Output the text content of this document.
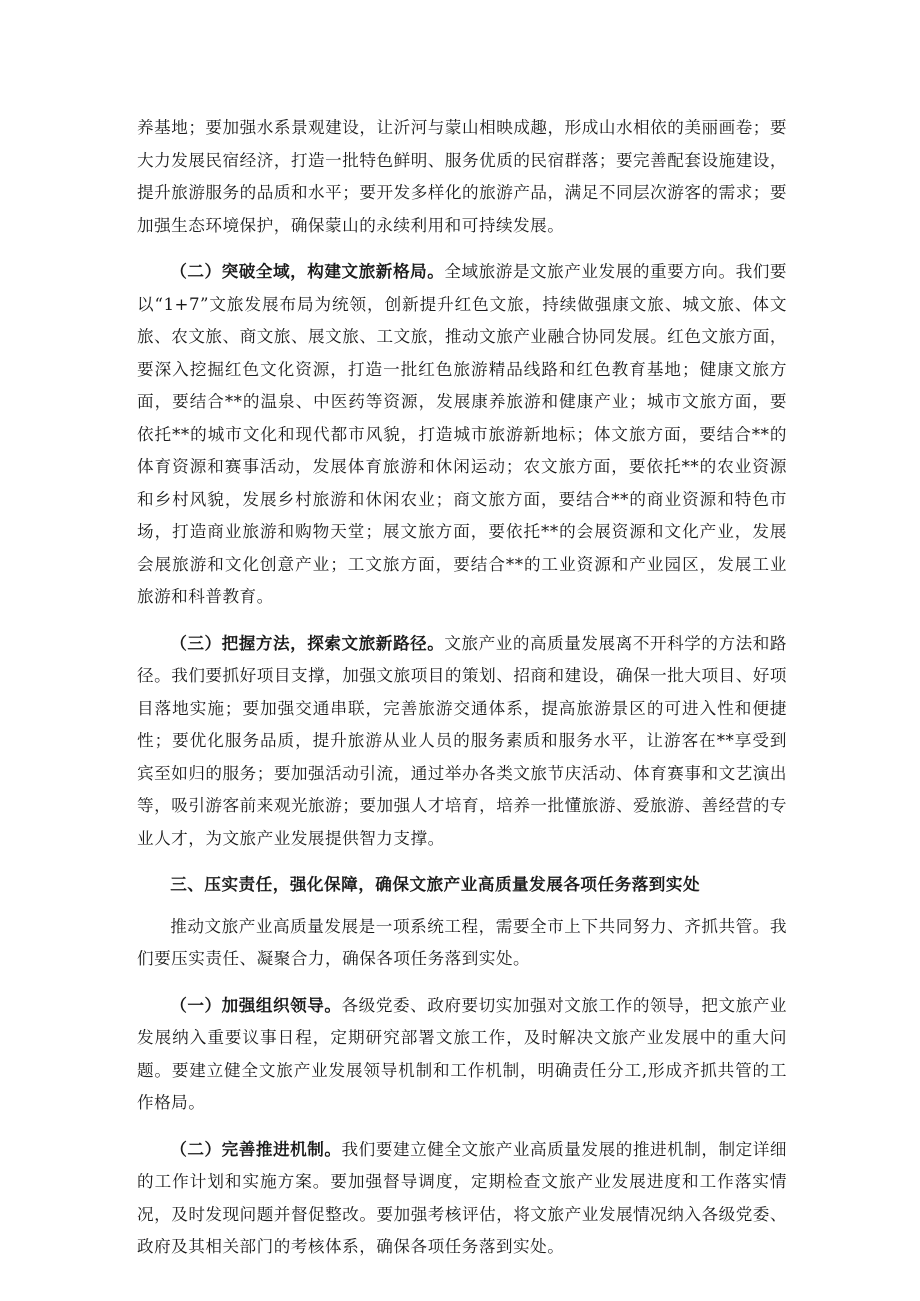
养基地；要加强水系景观建设，让沂河与蒙山相映成趣，形成山水相依的美丽画卷；要大力发展民宿经济，打造一批特色鲜明、服务优质的民宿群落；要完善配套设施建设，提升旅游服务的品质和水平；要开发多样化的旅游产品，满足不同层次游客的需求；要加强生态环境保护，确保蒙山的永续利用和可持续发展。

（二）突破全域，构建文旅新格局。全域旅游是文旅产业发展的重要方向。我们要以“1+7”文旅发展布局为统领，创新提升红色文旅，持续做强康文旅、城文旅、体文旅、农文旅、商文旅、展文旅、工文旅，推动文旅产业融合协同发展。红色文旅方面，要深入挖掘红色文化资源，打造一批红色旅游精品线路和红色教育基地；健康文旅方面，要结合**的温泉、中医药等资源，发展康养旅游和健康产业；城市文旅方面，要依托**的城市文化和现代都市风貌，打造城市旅游新地标；体文旅方面，要结合**的体育资源和赛事活动，发展体育旅游和休闲运动；农文旅方面，要依托**的农业资源和乡村风貌，发展乡村旅游和休闲农业；商文旅方面，要结合**的商业资源和特色市场，打造商业旅游和购物天堂；展文旅方面，要依托**的会展资源和文化产业，发展会展旅游和文化创意产业；工文旅方面，要结合**的工业资源和产业园区，发展工业旅游和科普教育。

（三）把握方法，探索文旅新路径。文旅产业的高质量发展离不开科学的方法和路径。我们要抓好项目支撑，加强文旅项目的策划、招商和建设，确保一批大项目、好项目落地实施；要加强交通串联，完善旅游交通体系，提高旅游景区的可进入性和便捷性；要优化服务品质，提升旅游从业人员的服务素质和服务水平，让游客在**享受到宾至如归的服务；要加强活动引流，通过举办各类文旅节庆活动、体育赛事和文艺演出等，吸引游客前来观光旅游；要加强人才培育，培养一批懂旅游、爱旅游、善经营的专业人才，为文旅产业发展提供智力支撑。

三、压实责任，强化保障，确保文旅产业高质量发展各项任务落到实处

推动文旅产业高质量发展是一项系统工程，需要全市上下共同努力、齐抓共管。我们要压实责任、凝聚合力，确保各项任务落到实处。

（一）加强组织领导。各级党委、政府要切实加强对文旅工作的领导，把文旅产业发展纳入重要议事日程，定期研究部署文旅工作，及时解决文旅产业发展中的重大问题。要建立健全文旅产业发展领导机制和工作机制，明确责任分工,形成齐抓共管的工作格局。

（二）完善推进机制。我们要建立健全文旅产业高质量发展的推进机制，制定详细的工作计划和实施方案。要加强督导调度，定期检查文旅产业发展进度和工作落实情况，及时发现问题并督促整改。要加强考核评估，将文旅产业发展情况纳入各级党委、政府及其相关部门的考核体系，确保各项任务落到实处。
